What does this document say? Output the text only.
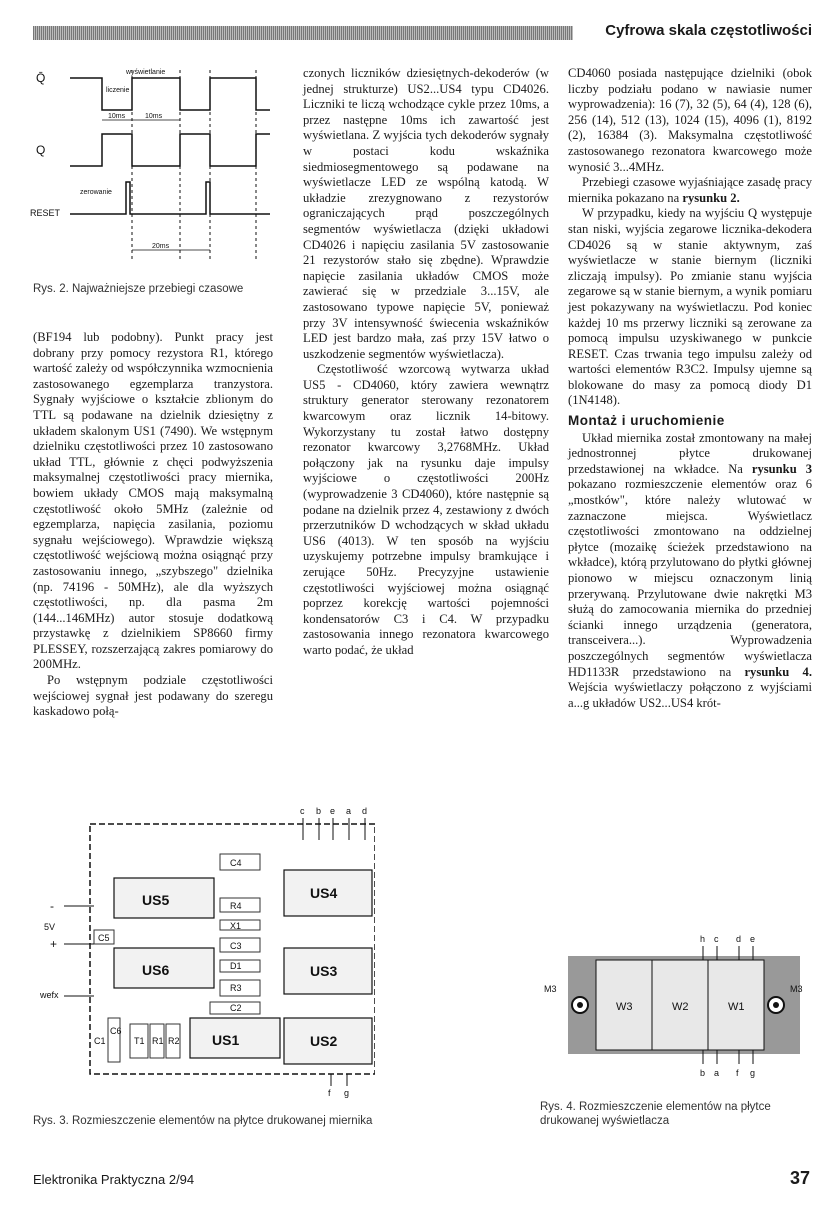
Cyfrowa skala częstotliwości
Q̄
Q
RESET
wyświetlanie
liczenie
10ms	10ms
zerowanie
20ms
Rys. 2. Najważniejsze przebiegi czasowe

(BF194 lub podobny). Punkt pracy jest dobrany przy pomocy rezystora R1, którego wartość zależy od współczynnika wzmocnienia zastosowanego egzemplarza tranzystora. Sygnały wyjściowe o kształcie zblionym do TTL są podawane na dzielnik dziesiętny z układem skalonym US1 (7490). We wstępnym dzielniku częstotliwości przez 10 zastosowano układ TTL, głównie z chęci podwyższenia maksymalnej częstotliwości pracy miernika, bowiem układy CMOS mają maksymalną częstotliwość około 5MHz (zależnie od egzemplarza, napięcia zasilania, poziomu sygnału wejściowego). Wprawdzie większą częstotliwość wejściową można osiągnąć przy zastosowaniu innego, „szybszego" dzielnika (np. 74196 - 50MHz), ale dla wyższych częstotliwości, np. dla pasma 2m (144...146MHz) autor stosuje dodatkową przystawkę z dzielnikiem SP8660 firmy PLESSEY, rozszerzającą zakres pomiarowy do 200MHz.

Po wstępnym podziale częstotliwości wejściowej sygnał jest podawany do szeregu kaskadowo połą-

czonych liczników dziesiętnych-dekoderów (w jednej strukturze) US2...US4 typu CD4026. Liczniki te liczą wchodzące cykle przez 10ms, a przez następne 10ms ich zawartość jest wyświetlana. Z wyjścia tych dekoderów sygnały w postaci kodu wskaźnika siedmiosegmentowego są podawane na wyświetlacze LED ze wspólną katodą. W układzie zrezygnowano z rezystorów ograniczających prąd poszczególnych segmentów wyświetlacza (dzięki układowi CD4026 i napięciu zasilania 5V zastosowanie 21 rezystorów stało się zbędne). Wprawdzie napięcie zasilania układów CMOS może zawierać się w przedziale 3...15V, ale zastosowano typowe napięcie 5V, ponieważ przy 3V intensywność świecenia wskaźników LED jest bardzo mała, zaś przy 15V łatwo o uszkodzenie segmentów wyświetlacza).

Częstotliwość wzorcową wytwarza układ US5 - CD4060, który zawiera wewnątrz struktury generator sterowany rezonatorem kwarcowym oraz licznik 14-bitowy. Wykorzystany tu został łatwo dostępny rezonator kwarcowy 3,2768MHz. Układ połączony jak na rysunku daje impulsy wyjściowe o częstotliwości 200Hz (wyprowadzenie 3 CD4060), które następnie są podane na dzielnik przez 4, zestawiony z dwóch przerzutników D wchodzących w skład układu US6 (4013). W ten sposób na wyjściu uzyskujemy potrzebne impulsy bramkujące i zerujące 50Hz. Precyzyjne ustawienie częstotliwości wyjściowej można osiągnąć poprzez korekcję wartości pojemności kondensatorów C3 i C4. W przypadku zastosowania innego rezonatora kwarcowego warto podać, że układ

CD4060 posiada następujące dzielniki (obok liczby podziału podano w nawiasie numer wyprowadzenia): 16 (7), 32 (5), 64 (4), 128 (6), 256 (14), 512 (13), 1024 (15), 4096 (1), 8192 (2), 16384 (3). Maksymalna częstotliwość zastosowanego rezonatora kwarcowego może wynosić 3...4MHz.

Przebiegi czasowe wyjaśniające zasadę pracy miernika pokazano na rysunku 2.

W przypadku, kiedy na wyjściu Q występuje stan niski, wyjścia zegarowe licznika-dekodera CD4026 są w stanie aktywnym, zaś wyświetlacze w stanie biernym (liczniki zliczają impulsy). Po zmianie stanu wyjścia zegarowe są w stanie biernym, a wynik pomiaru jest pokazywany na wyświetlaczu. Pod koniec każdej 10 ms przerwy liczniki są zerowane za pomocą impulsu uzyskiwanego w punkcie RESET. Czas trwania tego impulsu zależy od wartości elementów R3C2. Impulsy ujemne są blokowane do masy za pomocą diody D1 (1N4148).

Montaż i uruchomienie

Układ miernika został zmontowany na małej jednostronnej płytce drukowanej przedstawionej na wkładce. Na rysunku 3 pokazano rozmieszczenie elementów oraz 6 „mostków", które należy wlutować w zaznaczone miejsca. Wyświetlacz częstotliwości zmontowano na oddzielnej płytce (mozaikę ścieżek przedstawiono na wkładce), którą przylutowano do płytki głównej pionowo w miejscu oznaczonym linią przerywaną. Przylutowane dwie nakrętki M3 służą do zamocowania miernika do przedniej ścianki innego urządzenia (generatora, transceivera...). Wyprowadzenia poszczególnych segmentów wyświetlacza HD1133R przedstawiono na rysunku 4. Wejścia wyświetlaczy połączono z wyjściami a...g układów US2...US4 krót-

c b e a d
US5	US4
US6	US3
US1	US2
C4
R4
X1
C3
D1
R3
C2
C5
C6
T1 R1 R2
C1
-
5V
+
wefx
f g
Rys. 3. Rozmieszczenie elementów na płytce drukowanej miernika
h c d e
W3	W2	W1
M3	M3
b a f g
Rys. 4. Rozmieszczenie elementów na płytce drukowanej wyświetlacza
Elektronika Praktyczna 2/94	37
